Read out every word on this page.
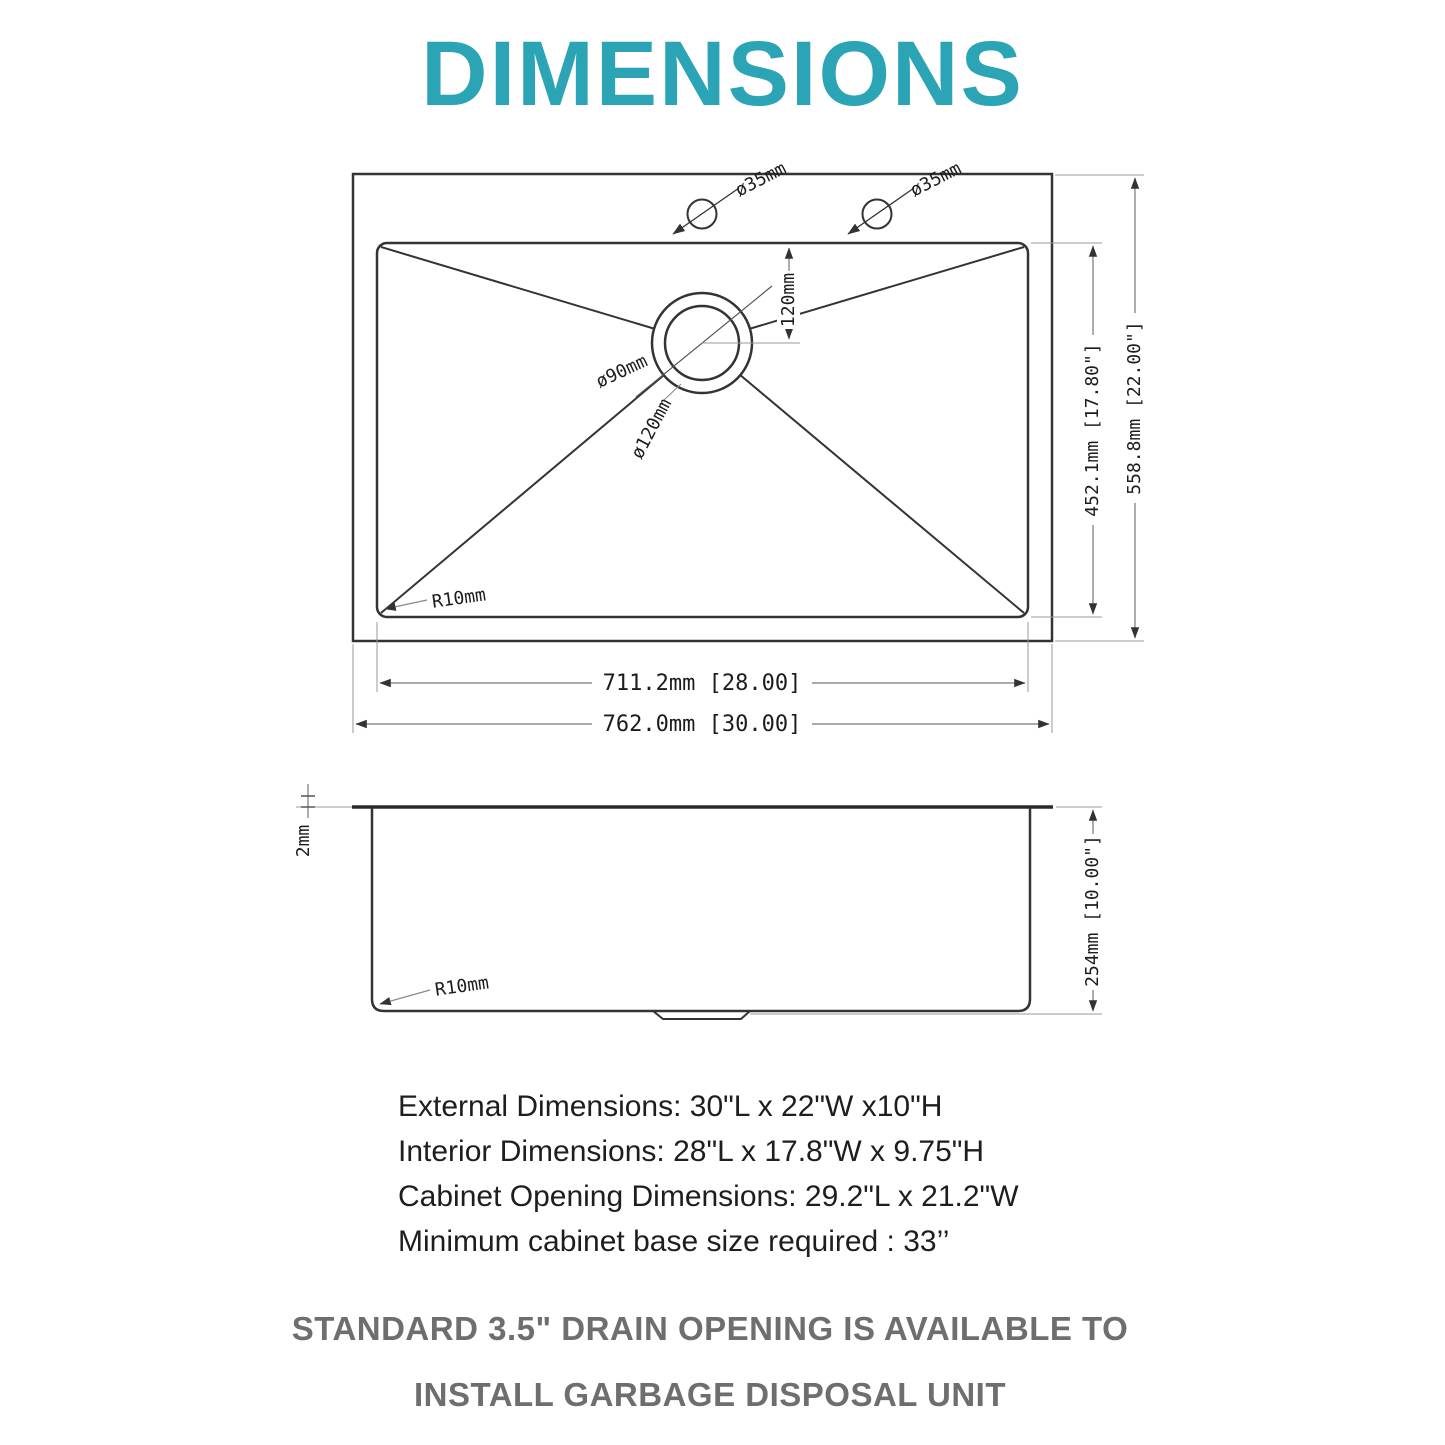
DIMENSIONS
ø90mm
ø120mm
ø35mm	ø35mm
120mm
R10mm
452.1mm [17.80"] 558.8mm [22.00"]
711.2mm [28.00]
762.0mm [30.00]
2mm
R10mm	254mm [10.00"]
External Dimensions: 30"L x 22"W x10"H
Interior Dimensions: 28"L x 17.8"W x 9.75"H
Cabinet Opening Dimensions: 29.2"L x 21.2"W
Minimum cabinet base size required : 33’’
STANDARD 3.5" DRAIN OPENING IS AVAILABLE TO
INSTALL GARBAGE DISPOSAL UNIT
